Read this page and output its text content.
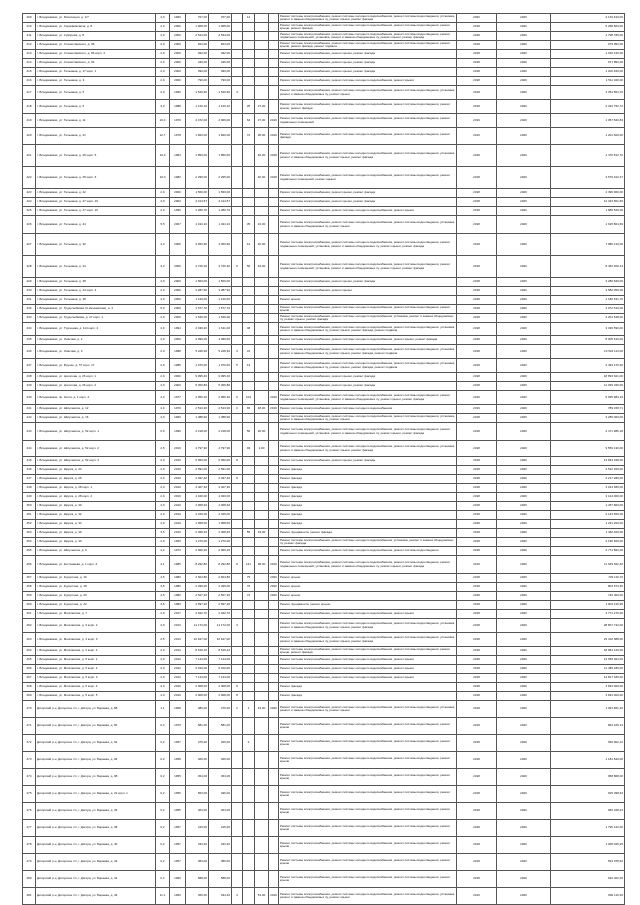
409	г. Владикавказ, ул. Революции, д. 1/7	2,0	1960	707,00	707,00		14			Ремонт системы электроснабжения, ремонт системы холодного водоснабжения, ремонт системы водоотведения, установка, ремонт и замена общедомовых пу, ремонт крыши, ремонт фасада	2020	2020	2 133 619,00
410	г. Владикавказ, ул. Серафимовича, д. 8	2,0	2000	1 968,00	1 968,00					Ремонт системы электроснабжения, ремонт системы холодного водоснабжения, ремонт системы водоотведения, ремонт крыши, ремонт фасада	2018	2020	5 268 864,00
411	г. Владикавказ, ул. Суворова, д. 8	2,0	2000	2 544,00	2 544,00					Ремонт системы электроснабжения, ремонт системы холодного водоснабжения, ремонт системы водоотведения, ремонт подвальных помещений, установка, ремонт и замена общедомовых пу, ремонт крыши, ремонт фасада	2018	2020	4 798 786,00
412	г. Владикавказ, ул. Станиславского, д. 96	2,0	2000	844,00	844,00					Ремонт системы электроснабжения, ремонт системы холодного водоснабжения, ремонт системы водоотведения, ремонт крыши, ремонт фасада, ремонт подвала	2018	2020	979 952,00
413	г. Владикавказ, ул. Станиславского, д. 96 корп. 4	2,0	2000	492,00	492,00					Ремонт системы электроснабжения, ремонт крыши, ремонт фасада	2018	2020	1 016 440,00
414	г. Владикавказ, ул. Станиславского, д. 94	2,0	2000	446,00	446,00					Ремонт системы электроснабжения, ремонт крыши, ремонт фасада	2018	2020	971 852,00
415	г. Владикавказ, ул. Тельмана, д. 17 корп. 1	2,0	2000	390,00	390,00					Ремонт системы электроснабжения, ремонт крыши, ремонт фасада	2018	2020	1 200 460,00
416	г. Владикавказ, ул. Тельмана, д. 3	2,0	2000	790,00	790,00					Ремонт системы электроснабжения, ремонт системы холодного водоснабжения, ремонт крыши	2018	2020	1 511 040,00
417	г. Владикавказ, ул. Тельмана, д. 5	2,0	1990	1 540,90	1 540,90	4				Ремонт системы электроснабжения, ремонт системы холодного водоснабжения, ремонт системы водоотведения, установка, ремонт и замена общедомовых пу, ремонт крыши	2018	2020	3 351 854,70
418	г. Владикавказ, ул. Тельмана, д. 6	3,0	1988	1 120,10	1 120,10		25	27,00		Ремонт системы электроснабжения, ремонт системы холодного водоснабжения, ремонт системы водоотведения, ремонт крыши, ремонт фасада	2018	2020	2 323 752,72
419	г. Владикавказ, ул. Тельмана, д. 11	10,0	1979	2 472,00	2 069,00		64	27,00	2019	Ремонт системы электроснабжения, ремонт системы холодного водоснабжения, ремонт системы водоотведения, ремонт подвальных помещений	2019	2020	1 057 840,84
420	г. Владикавказ, ул. Тельмана, д. 21	12,7	1978	1 820,00	1 820,00		72	28,00	2019	Ремонт системы электроснабжения, ремонт системы холодного водоснабжения, ремонт системы водоотведения, ремонт фасада	2019	2020	1 201 600,00
421	г. Владикавказ, ул. Тельмана, д. 25 корп. 5	10,0	1984	1 850,00	1 850,00			40,00	2018	Ремонт системы электроснабжения, ремонт системы холодного водоснабжения, ремонт системы водоотведения, установка, ремонт и замена общедомовых пу, ремонт крыши, ремонт фасада	2018	2020	4 470 812,70
422	г. Владикавказ, ул. Тельмана, д. 25 корп. 6	10,0	1982	2 295,00	2 295,00			40,00	2018	Ремонт системы электроснабжения, ремонт системы холодного водоснабжения, ремонт системы водоотведения, ремонт подвальных помещений, ремонт крыши	2018	2020	3 579 102,37
423	г. Владикавказ, ул. Тельмана, д. 22	2,0	2000	1 560,00	1 560,00					Ремонт системы электроснабжения, ремонт крыши, ремонт фасада	2018	2020	2 396 960,00
424	г. Владикавказ, ул. Тельмана, д. 27 корп. 16	4,0	2002	4 414,57	4 414,57					Ремонт системы электроснабжения, ремонт крыши, ремонт фасада	2018	2020	12 323 501,66
425	г. Владикавказ, ул. Тельмана, д. 27 корп. 15	2,0	1996	1 280,70	1 280,70					Ремонт системы электроснабжения, ремонт системы холодного водоснабжения, ремонт крыши	2018	2020	1 886 526,00
426	г. Владикавказ, ул. Тельмана, д. 44	5,5	2007	1 434,10	1 434,10		35	16,00		Ремонт системы электроснабжения, ремонт системы холодного водоснабжения, ремонт системы водоотведения, установка, ремонт и замена общедомовых пу, ремонт крыши	2018	2020	1 625 804,69
427	г. Владикавказ, ул. Тельмана, д. 32	4,3	2005	3 050,90	3 050,90		12	40,00		Ремонт системы электроснабжения, ремонт системы холодного водоснабжения, ремонт системы водоотведения, ремонт подвальных помещений, установка, ремонт и замена общедомовых пу, ремонт крыши, ремонт фасада	2018	2020	7 986 410,00
428	г. Владикавказ, ул. Тельмана, д. 34	4,3	2000	3 726,30	3 726,30	6	50	49,00		Ремонт системы электроснабжения, ремонт системы холодного водоснабжения, ремонт системы водоотведения, ремонт подвальных помещений, установка, ремонт и замена общедомовых пу, ремонт крыши, ремонт фасада	2018	2020	8 463 309,14
429	г. Владикавказ, ул. Тельмана, д. 38	2,0	2000	1 500,00	1 500,00					Ремонт системы электроснабжения, ремонт крыши, ремонт фасада	2018	2020	3 280 849,00
430	г. Владикавказ, ул. Тельмана, д. 44 корп. 4	2,0	2000	3 287,90	3 287,90					Ремонт системы электроснабжения, ремонт крыши	2018	2020	4 582 050,00
431	г. Владикавказ, ул. Тельмана, д. 48	4,0	2000	1 120,00	1 120,00					Ремонт крыши	2018	2020	4 180 631,70
432	г. Владикавказ, ул. Трудолюбивая (Ч.Нечаевская), д. 4	5,0	2000	1 577,70	1 577,70					Ремонт системы электроснабжения, ремонт системы холодного водоснабжения, ремонт системы водоотведения, ремонт крыши	2018	2020	4 072 510,00
433	г. Владикавказ, ул. Трудолюбивая, д. 27 корп. 1	2,0	2000	1 546,00	1 546,00					Ремонт системы электроснабжения, ремонт системы холодного водоснабжения, установка, ремонт и замена общедомовых пу, ремонт крыши, ремонт фасада	2018	2020	4 201 548,00
434	г. Владикавказ, ул. Тургенева, д. 114 корп. 2	4,0	1994	2 439,40	1 611,00		48			Ремонт системы электроснабжения, ремонт системы холодного водоснабжения, ремонт системы водоотведения, установка, ремонт и замена общедомовых пу, ремонт крыши, ремонт фасада, ремонт подвала	2018	2020	3 339 590,00
435	г. Владикавказ, ул. Умасова, д. 2	2,0	2000	4 099,00	4 099,00					Ремонт системы электроснабжения, ремонт системы холодного водоснабжения, ремонт крыши, ремонт фасада	2018	2020	8 005 616,00
436	г. Владикавказ, ул. Умасова, д. 3	2,0	1988	5 228,30	5 228,30	3	31			Ремонт системы электроснабжения, ремонт системы холодного водоснабжения, ремонт системы водоотведения, установка, ремонт и замена общедомовых пу, ремонт крыши, ремонт фасада, ремонт подвала	2018	2020	10 524 113,00
437	г. Владикавказ, ул. Фрунзе, д. 57 корп. 17	2,0	1985	1 070,00	1 070,00	5	13			Ремонт системы электроснабжения, ремонт системы холодного водоснабжения, ремонт системы водоотведения, установка, ремонт и замена общедомовых пу, ремонт крыши, ремонт фасада, ремонт подвала	2018	2020	2 493 276,30
438	г. Владикавказ, ул. Цаголова, д. 26 корп. 1	2,0	2000	9 095,40	9 095,40					Ремонт системы электроснабжения, ремонт крыши, ремонт фасада	2018	2020	18 893 621,00
439	г. Владикавказ, ул. Цаголова, д. 26 корп. 4	2,0	2000	5 306,80	5 306,80					Ремонт системы электроснабжения, ремонт крыши, ремонт фасада	2018	2020	11 039 346,00
440	г. Владикавказ, пр. Коста, д. 1 корп. 4	4,0	1977	2 956,30	2 956,30	6	104		2019	Ремонт системы электроснабжения, ремонт системы холодного водоснабжения, ремонт системы водоотведения, ремонт подвальных помещений, установка, ремонт и замена общедомовых пу, ремонт крыши, ремонт фасада	2019	2020	5 935 984,19
441	г. Владикавказ, ул. Шмулевича, д. 12	4,0	1979	2 513,30	2 513,30	3	65	48,00	2019	Ремонт системы электроснабжения, ремонт системы холодного водоснабжения	2019	2020	789 158,71
442	г. Владикавказ, ул. Шмулевича, д. 16	2,0	1960	1 388,90	1 388,90					Ремонт системы электроснабжения, ремонт системы холодного водоснабжения, ремонт системы водоотведения, установка, ремонт и замена общедомовых пу, ремонт крыши	2018	2020	3 289 000,00
443	г. Владикавказ, ул. Шмулевича, д. 52 корп. 1	6,0	1990	2 218,00	2 218,00		56	20,00		Ремонт системы электроснабжения, ремонт системы холодного водоснабжения, ремонт системы водоотведения, ремонт подвальных помещений, установка, ремонт и замена общедомовых пу, ремонт крыши, ремонт фасада	2018	2020	2 471 986,18
444	г. Владикавказ, ул. Шмулевича, д. 52 корп. 2	2,5	2010	4 797,90	4 797,90		93	2,00		Ремонт системы электроснабжения, ремонт системы холодного водоснабжения, ремонт системы водоотведения, установка, ремонт и замена общедомовых пу, ремонт крыши, ремонт фасада	2018	2020	9 556 130,00
445	г. Владикавказ, ул. Шмулевича, д. 52 корп. 3	2,0	2010	6 050,00	6 050,00	8				Ремонт системы электроснабжения, ремонт крыши, ремонт фасада	2018	2020	13 834 918,00
446	г. Владикавказ, ул. Щорса, д. 24	2,0	2010	2 591,00	2 591,00					Ремонт фасада	2018	2020	4 512 200,00
447	г. Владикавказ, ул. Щорса, д. 26	2,0	2010	2 497,40	2 497,40	8				Ремонт фасада	2018	2020	2 217 280,00
448	г. Владикавказ, ул. Щорса, д. 28 корп. 1	2,0	2010	4 407,30	4 407,30					Ремонт фасада	2018	2020	3 013 580,00
449	г. Владикавказ, ул. Щорса, д. 28 корп. 2	2,0	2010	4 040,00	4 040,00					Ремонт фасада	2018	2020	3 144 000,00
450	г. Владикавказ, ул. Щорса, д. 30	2,0	2010	4 008,40	4 008,40					Ремонт фасада	2018	2020	1 457 800,00
451	г. Владикавказ, ул. Щорса, д. 32	2,0	2010	4 340,00	4 340,00					Ремонт фасада	2018	2020	2 143 650,00
452	г. Владикавказ, ул. Щорса, д. 34	2,0	2010	1 958,00	1 958,00					Ремонт фасада	2018	2020	1 231 200,00
453	г. Владикавказ, ул. Щорса, д. 36	3,5	2010	2 468,40	2 468,40		55	33,00		Ремонт фундамента, ремонт фасада	2018	2020	1 462 400,00
454	г. Владикавказ, ул. Щорса, д. 40	2,0	1960	1 270,00	1 270,00					Ремонт системы электроснабжения, ремонт системы холодного водоснабжения, установка, ремонт и замена общедомовых пу, ремонт фасада	2018	2020	2 196 600,00
455	г. Владикавказ, ул. Шмулевича, д. 6	4,2	1974	2 966,20	2 966,20					Ремонт системы электроснабжения, ремонт системы холодного водоснабжения, ремонт системы водоотведения	2018	2020	2 771 862,00
456	г. Владикавказ, ул. Костанаева, д. 1 корп. 2	4,1	1985	8 292,80	8 292,80	9	141	38,00	2019	Ремонт системы электроснабжения, ремонт системы холодного водоснабжения, ремонт системы водоотведения, ремонт подвальных помещений, установка, ремонт и замена общедомовых пу, ремонт крыши, ремонт фасада	2019	2020	11 939 522,40
457	г. Владикавказ, ул. Курортная, д. 16	4,5	1980	2 604,80	2 604,80		75		2020	Ремонт крыши	2018	2020	733 116,70
458	г. Владикавказ, ул. Курортная, д. 18	4,5	1980	2 499,00	2 499,00		76		2020	Ремонт крыши	2018	2020	803 574,30
459	г. Владикавказ, ул. Курортная, д. 20	4,5	1980	2 527,20	2 527,20		72		2020	Ремонт крыши	2018	2020	740 400,00
460	г. Владикавказ, ул. Курортная, д. 22	4,5	1980	2 597,20	2 597,20					Ремонт фундамента, ремонт крыши	2018	2020	1 003 215,90
461	г. Владикавказ, ул. Московская, д. 7	2,0	2017	2 942,70	2 942,70					Ремонт системы электроснабжения, ремонт системы холодного водоснабжения, ремонт крыши	2018	2020	3 771 276,00
462	г. Владикавказ, ул. Московская, д. 3 корп. 2	2,0	2013	11 172,00	11 172,00	3				Ремонт системы электроснабжения, ремонт системы холодного водоснабжения, ремонт системы водоотведения, установка, ремонт и замена общедомовых пу, ремонт крыши, ремонт фасада	2018	2020	28 807 742,00
463	г. Владикавказ, ул. Московская, д. 3 корп. 3	2,5	2013	10 627,00	10 627,00					Ремонт системы электроснабжения, ремонт системы холодного водоснабжения, ремонт системы водоотведения, установка, ремонт и замена общедомовых пу, ремонт крыши, ремонт фасада	2018	2020	23 416 588,00
464	г. Владикавказ, ул. Московская, д. 3 корп. 4	2,0	2013	8 519,10	8 519,10					Ремонт системы электроснабжения, ремонт системы холодного водоснабжения, ремонт системы водоотведения, ремонт крыши, ремонт фасада	2018	2020	18 981 120,00
465	г. Владикавказ, ул. Московская, д. 5 корп. 1	2,0	2012	7 144,00	7 144,00					Ремонт системы электроснабжения, ремонт системы холодного водоснабжения, ремонт крыши	2018	2020	13 656 924,00
466	г. Владикавказ, ул. Московская, д. 5 корп. 2	2,0	2012	6 010,00	6 010,00					Ремонт системы электроснабжения, ремонт системы холодного водоснабжения, ремонт крыши	2018	2020	11 489 180,00
467	г. Владикавказ, ул. Московская, д. 5 корп. 3	2,0	2012	7 144,00	7 144,00					Ремонт системы электроснабжения, ремонт системы холодного водоснабжения, ремонт крыши	2018	2020	14 817 180,00
468	г. Владикавказ, ул. Московская, д. 5 корп. 4	4,0	2016	2 008,00	2 008,00	8				Ремонт фасада	2018	2020	3 843 000,00
469	г. Владикавказ, ул. Московская, д. 5 корп. 5	4,0	2016	2 008,00	2 008,00	8				Ремонт фасада	2018	2020	3 843 000,00
470	Дигорский р-н, Дигорское г/п, г. Дигора, ул. Бараева, д. 88	1,1	1968	486,00	476,00	2	1	43,00	2020	Ремонт системы электроснабжения, ремонт системы холодного водоснабжения, ремонт системы водоотведения, установка, ремонт и замена общедомовых пу, ремонт крыши	2018	2020	1 091 861,40
471	Дигорский р-н, Дигорское г/п, г. Дигора, ул. Бараева, д. 90	0,4	1970	581,00	581,00					Ремонт системы электроснабжения, ремонт системы холодного водоснабжения, ремонт системы водоотведения, ремонт крыши	2018	2020	862 169,14
472	Дигорский р-н, Дигорское г/п, г. Дигора, ул. Бараева, д. 94	0,2	1957	375,00	326,00		2			Ремонт системы электроснабжения, ремонт системы холодного водоснабжения, ремонт системы водоотведения, ремонт крыши	2018	2020	650 902,12
473	Дигорский р-н, Дигорское г/п, г. Дигора, ул. Бараева, д. 96	0,2	1958	466,00	466,00					Ремонт системы электроснабжения, ремонт системы холодного водоснабжения, ремонт системы водоотведения, ремонт крыши	2018	2020	1 181 849,00
474	Дигорский р-н, Дигорское г/п, г. Дигора, ул. Бараева, д. 98	0,2	1955	454,00	454,00					Ремонт системы электроснабжения, ремонт системы холодного водоснабжения, ремонт системы водоотведения, ремонт крыши	2018	2020	958 868,00
475	Дигорский р-н, Дигорское г/п, г. Дигора, ул. Бараева, д. 31 корп. 1	0,2	1955	563,00	496,00					Ремонт системы электроснабжения, ремонт системы холодного водоснабжения, ремонт системы водоотведения, ремонт крыши	2018	2020	925 498,63
476	Дигорский р-н, Дигорское г/п, г. Дигора, ул. Бараева, д. 36	0,2	1955	464,00	464,00					Ремонт системы электроснабжения, ремонт системы холодного водоснабжения, ремонт системы водоотведения, ремонт крыши	2018	2020	956 348,24
477	Дигорский р-н, Дигорское г/п, г. Дигора, ул. Бараева, д. 38	0,2	1957	415,00	415,00					Ремонт системы электроснабжения, ремонт системы холодного водоснабжения, ремонт системы водоотведения, ремонт крыши	2018	2020	1 796 122,00
478	Дигорский р-н, Дигорское г/п, г. Дигора, ул. Бараева, д. 40	0,2	1957	433,20	433,20					Ремонт системы электроснабжения, ремонт системы холодного водоснабжения, ремонт системы водоотведения, ремонт крыши	2018	2020	1 005 025,25
479	Дигорский р-н, Дигорское г/п, г. Дигора, ул. Бараева, д. 42	0,2	1957	384,00	386,00					Ремонт системы электроснабжения, ремонт системы холодного водоснабжения, ремонт системы водоотведения, ремонт крыши	2018	2020	594 078,92
480	Дигорский р-н, Дигорское г/п, г. Дигора, ул. Бараева, д. 44	0,4	1960	588,00	588,00					Ремонт системы электроснабжения, ремонт системы холодного водоснабжения, ремонт системы водоотведения, ремонт крыши	2018	2020	932 402,00
481	Дигорский р-н, Дигорское г/п, г. Дигора, ул. Бараева, д. 46	11,1	1960	456,00	334,40	4		51,00	2019	Ремонт системы электроснабжения, ремонт системы холодного водоснабжения, ремонт системы водоотведения, установка, ремонт и замена общедомовых пу, ремонт крыши	2019	2020	892 116,36
